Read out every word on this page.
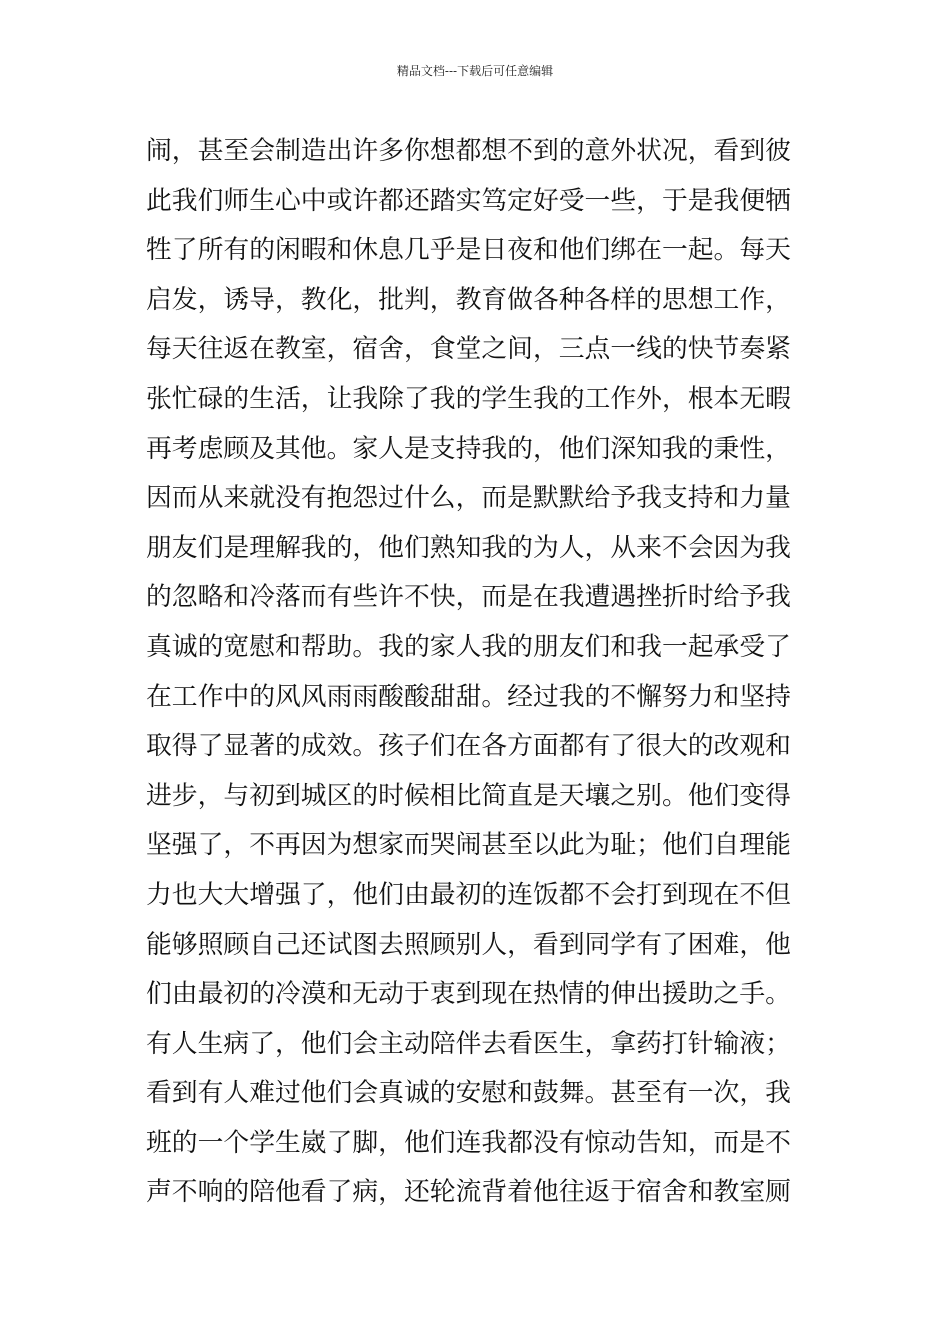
精品文档---下载后可任意编辑
闹，甚至会制造出许多你想都想不到的意外状况，看到彼
此我们师生心中或许都还踏实笃定好受一些，于是我便牺
牲了所有的闲暇和休息几乎是日夜和他们绑在一起。每天
启发，诱导，教化，批判，教育做各种各样的思想工作，
每天往返在教室，宿舍，食堂之间，三点一线的快节奏紧
张忙碌的生活，让我除了我的学生我的工作外，根本无暇
再考虑顾及其他。家人是支持我的，他们深知我的秉性，
因而从来就没有抱怨过什么，而是默默给予我支持和力量
朋友们是理解我的，他们熟知我的为人，从来不会因为我
的忽略和冷落而有些许不快，而是在我遭遇挫折时给予我
真诚的宽慰和帮助。我的家人我的朋友们和我一起承受了
在工作中的风风雨雨酸酸甜甜。经过我的不懈努力和坚持
取得了显著的成效。孩子们在各方面都有了很大的改观和
进步，与初到城区的时候相比简直是天壤之别。他们变得
坚强了，不再因为想家而哭闹甚至以此为耻；他们自理能
力也大大增强了，他们由最初的连饭都不会打到现在不但
能够照顾自己还试图去照顾别人，看到同学有了困难，他
们由最初的冷漠和无动于衷到现在热情的伸出援助之手。
有人生病了，他们会主动陪伴去看医生，拿药打针输液；
看到有人难过他们会真诚的安慰和鼓舞。甚至有一次，我
班的一个学生崴了脚，他们连我都没有惊动告知，而是不
声不响的陪他看了病，还轮流背着他往返于宿舍和教室厕
